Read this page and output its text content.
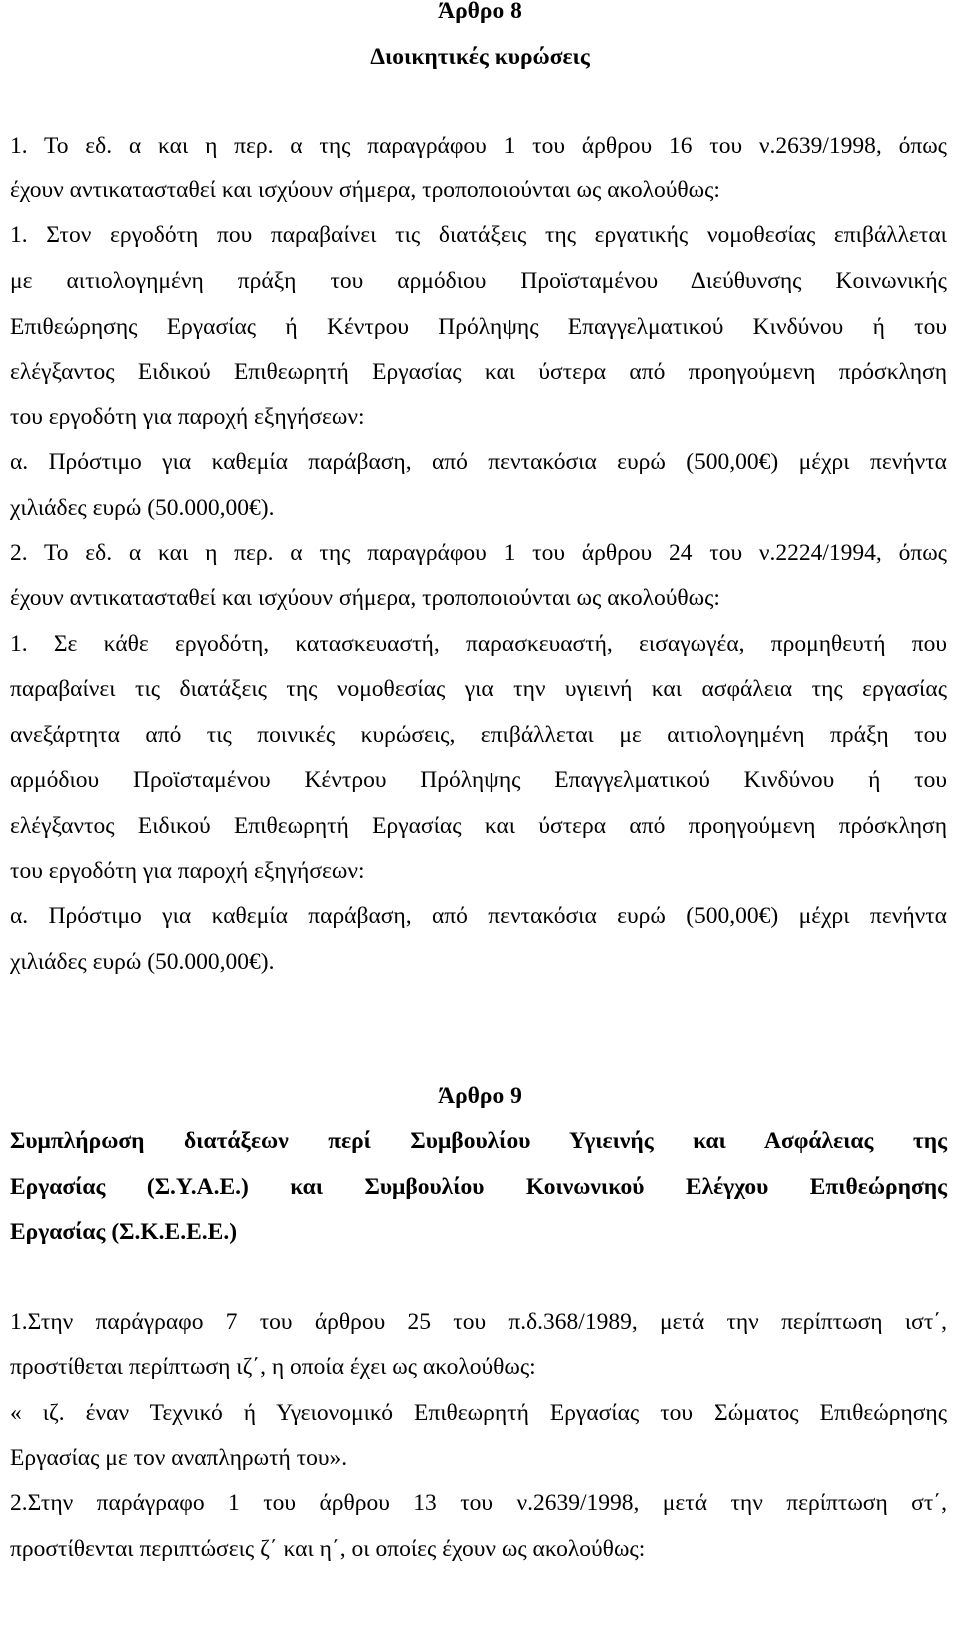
Άρθρο 8
Διοικητικές κυρώσεις
1. Το εδ. α και η περ. α της παραγράφου 1 του άρθρου 16 του ν.2639/1998, όπως
έχουν αντικατασταθεί και ισχύουν σήμερα, τροποποιούνται ως ακολούθως:
1. Στον εργοδότη που παραβαίνει τις διατάξεις της εργατικής νομοθεσίας επιβάλλεται
με αιτιολογημένη πράξη του αρμόδιου Προϊσταμένου Διεύθυνσης Κοινωνικής
Επιθεώρησης Εργασίας ή Κέντρου Πρόληψης Επαγγελματικού Κινδύνου ή του
ελέγξαντος Ειδικού Επιθεωρητή Εργασίας και ύστερα από προηγούμενη πρόσκληση
του εργοδότη για παροχή εξηγήσεων:
α. Πρόστιμο για καθεμία παράβαση, από πεντακόσια ευρώ (500,00€) μέχρι πενήντα
χιλιάδες ευρώ (50.000,00€).
2. Το εδ. α και η περ. α της παραγράφου 1 του άρθρου 24 του ν.2224/1994, όπως
έχουν αντικατασταθεί και ισχύουν σήμερα, τροποποιούνται ως ακολούθως:
1. Σε κάθε εργοδότη, κατασκευαστή, παρασκευαστή, εισαγωγέα, προμηθευτή που
παραβαίνει τις διατάξεις της νομοθεσίας για την υγιεινή και ασφάλεια της εργασίας
ανεξάρτητα από τις ποινικές κυρώσεις, επιβάλλεται με αιτιολογημένη πράξη του
αρμόδιου Προϊσταμένου Κέντρου Πρόληψης Επαγγελματικού Κινδύνου ή του
ελέγξαντος Ειδικού Επιθεωρητή Εργασίας και ύστερα από προηγούμενη πρόσκληση
του εργοδότη για παροχή εξηγήσεων:
α. Πρόστιμο για καθεμία παράβαση, από πεντακόσια ευρώ (500,00€) μέχρι πενήντα
χιλιάδες ευρώ (50.000,00€).
Άρθρο 9
Συμπλήρωση διατάξεων περί Συμβουλίου Υγιεινής και Ασφάλειας της
Εργασίας (Σ.Υ.Α.Ε.) και Συμβουλίου Κοινωνικού Ελέγχου Επιθεώρησης
Εργασίας (Σ.Κ.Ε.Ε.Ε.)
1.Στην παράγραφο 7 του άρθρου 25 του π.δ.368/1989, μετά την περίπτωση ιστ΄,
προστίθεται περίπτωση ιζ΄, η οποία έχει ως ακολούθως:
« ιζ. έναν Τεχνικό ή Υγειονομικό Επιθεωρητή Εργασίας του Σώματος Επιθεώρησης
Εργασίας με τον αναπληρωτή του».
2.Στην παράγραφο 1 του άρθρου 13 του ν.2639/1998, μετά την περίπτωση στ΄,
προστίθενται περιπτώσεις ζ΄ και η΄, οι οποίες έχουν ως ακολούθως:
